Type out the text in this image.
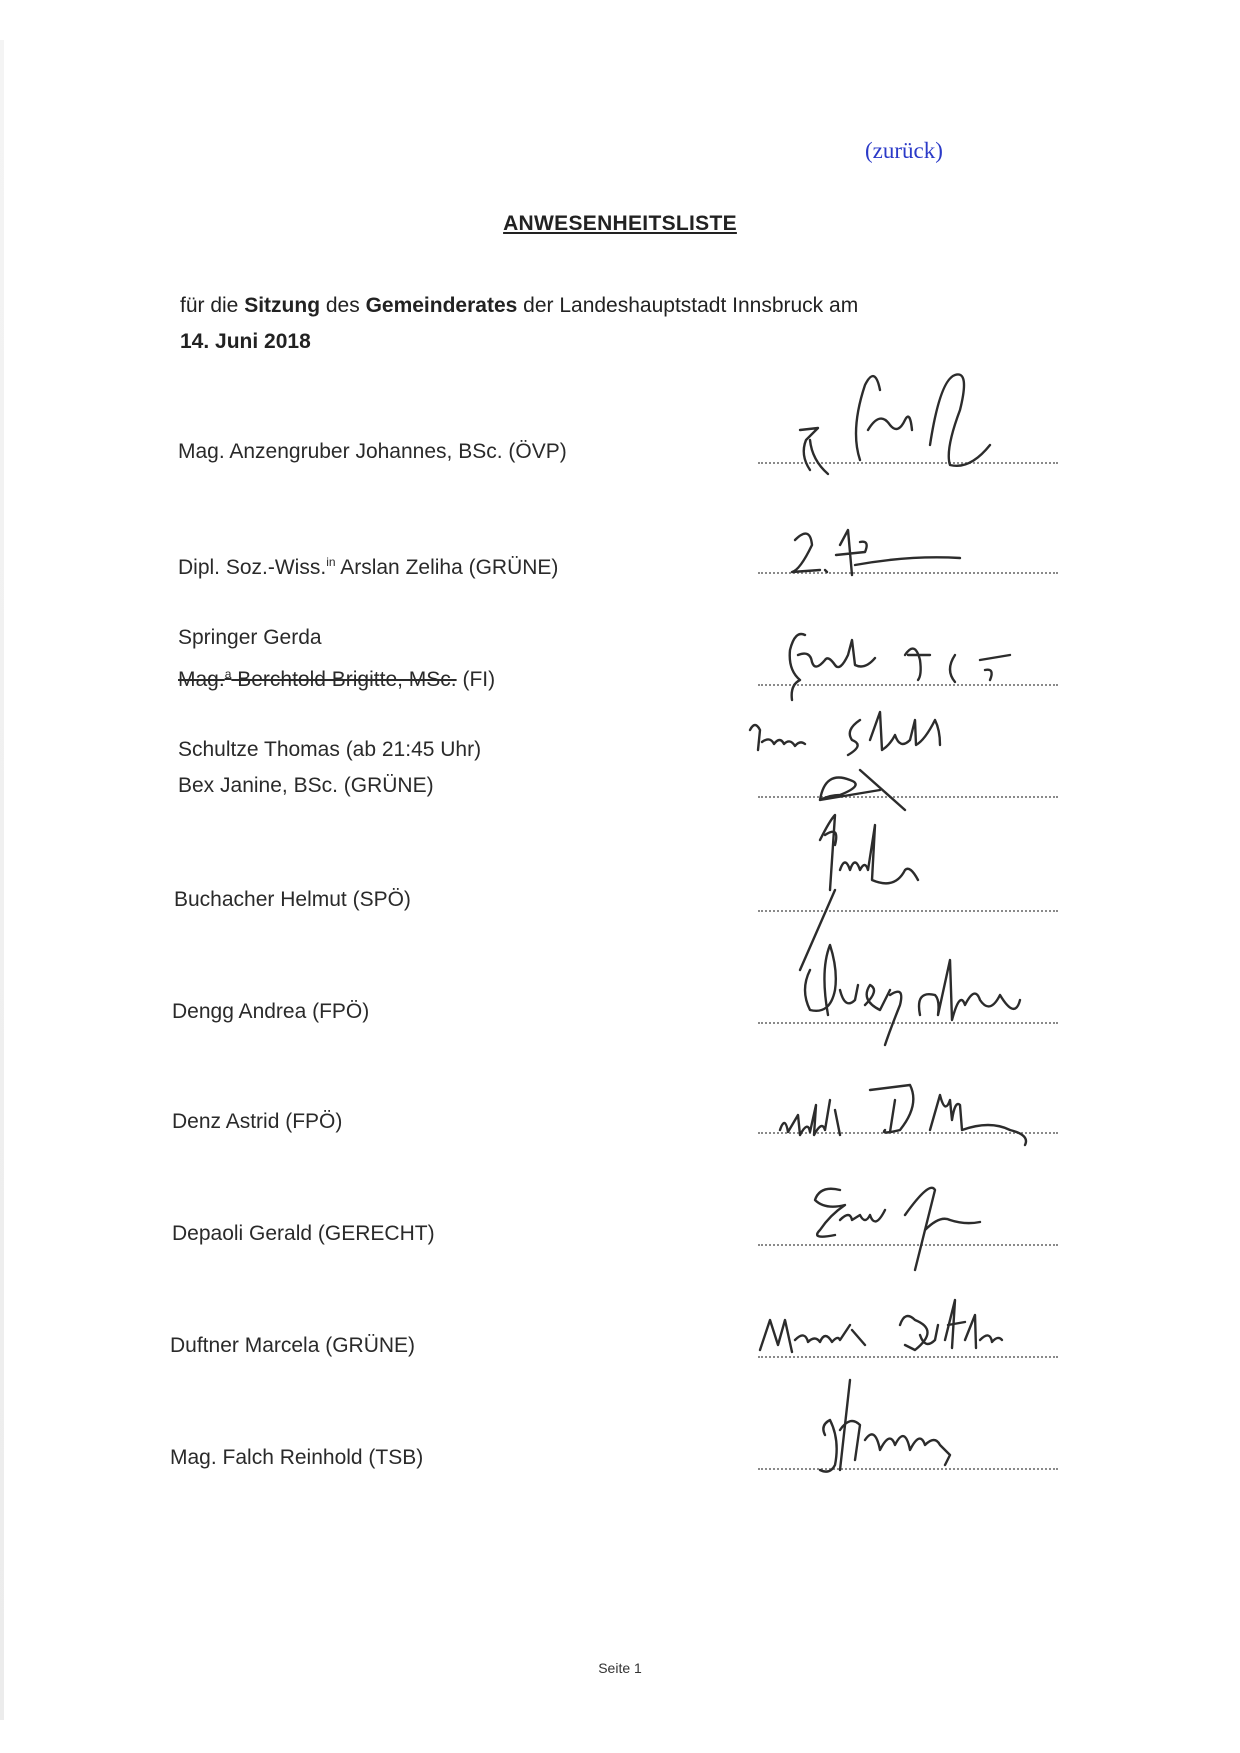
(zurück)
ANWESENHEITSLISTE
für die Sitzung des Gemeinderates der Landeshauptstadt Innsbruck am
14. Juni 2018
Mag. Anzengruber Johannes, BSc. (ÖVP)
Dipl. Soz.-Wiss.$^{in}$ Arslan Zeliha (GRÜNE)
Springer Gerda
Mag.$^a$ Berchtold Brigitte, MSc. (FI)
Schultze Thomas (ab 21:45 Uhr)
Bex Janine, BSc. (GRÜNE)
Buchacher Helmut (SPÖ)
Dengg Andrea (FPÖ)
Denz Astrid (FPÖ)
Depaoli Gerald (GERECHT)
Duftner Marcela (GRÜNE)
Mag. Falch Reinhold (TSB)
Seite 1
